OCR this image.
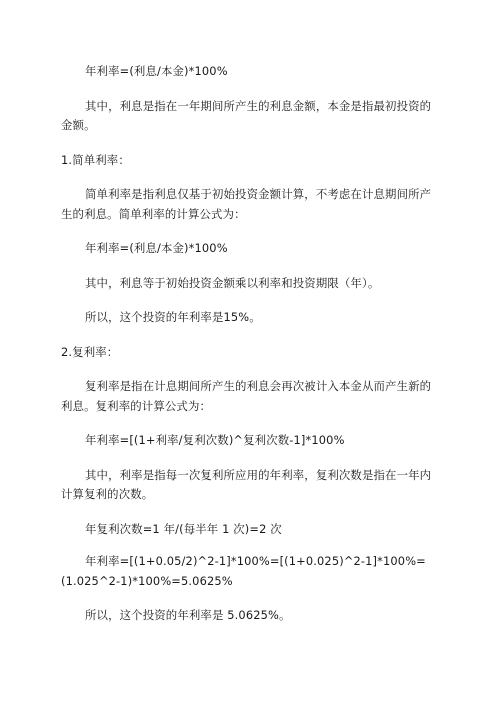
年利率=(利息/本金)*100%

其中，利息是指在一年期间所产生的利息金额，本金是指最初投资的金额。

1.简单利率：

简单利率是指利息仅基于初始投资金额计算，不考虑在计息期间所产生的利息。简单利率的计算公式为：

年利率=(利息/本金)*100%

其中，利息等于初始投资金额乘以利率和投资期限（年）。

所以，这个投资的年利率是15%。

2.复利率：

复利率是指在计息期间所产生的利息会再次被计入本金从而产生新的利息。复利率的计算公式为：

年利率=[(1+利率/复利次数)^复利次数-1]*100%

其中，利率是指每一次复利所应用的年利率，复利次数是指在一年内计算复利的次数。

年复利次数=1 年/(每半年 1 次)=2 次

年利率=[(1+0.05/2)^2-1]*100%=[(1+0.025)^2-1]*100%=(1.025^2-1)*100%=5.0625%

所以，这个投资的年利率是 5.0625%。
